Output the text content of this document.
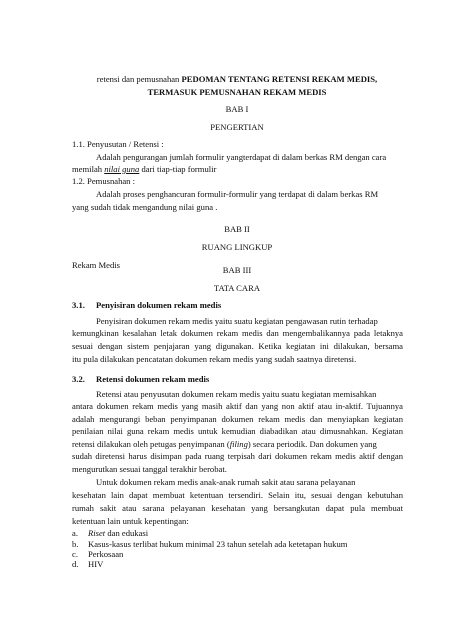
retensi dan pemusnahan PEDOMAN TENTANG RETENSI REKAM MEDIS,
TERMASUK PEMUSNAHAN REKAM MEDIS
BAB I
PENGERTIAN
1.1. Penyusutan / Retensi :
Adalah pengurangan jumlah formulir yangterdapat di dalam berkas RM dengan cara
memilah nilai guna dari tiap-tiap formulir
1.2. Pemusnahan :
Adalah proses penghancuran formulir-formulir yang terdapat di dalam berkas RM
yang sudah tidak mengandung nilai guna .
BAB II
RUANG LINGKUP
Rekam Medis	BAB III
TATA CARA
3.1. Penyisiran dokumen rekam medis
Penyisiran dokumen rekam medis yaitu suatu kegiatan pengawasan rutin terhadap
kemungkinan kesalahan letak dokumen rekam medis dan mengembalikannya pada letaknya
sesuai dengan sistem penjajaran yang digunakan. Ketika kegiatan ini dilakukan, bersama
itu pula dilakukan pencatatan dokumen rekam medis yang sudah saatnya diretensi.
3.2. Retensi dokumen rekam medis
Retensi atau penyusutan dokumen rekam medis yaitu suatu kegiatan memisahkan
antara dokumen rekam medis yang masih aktif dan yang non aktif atau in-aktif. Tujuannya
adalah mengurangi beban penyimpanan dokumen rekam medis dan menyiapkan kegiatan
penilaian nilai guna rekam medis untuk kemudian diabadikan atau dimusnahkan. Kegiatan
retensi dilakukan oleh petugas penyimpanan (filing) secara periodik. Dan dokumen yang
sudah diretensi harus disimpan pada ruang terpisah dari dokumen rekam medis aktif dengan
mengurutkan sesuai tanggal terakhir berobat.
Untuk dokumen rekam medis anak-anak rumah sakit atau sarana pelayanan
kesehatan lain dapat membuat ketentuan tersendiri. Selain itu, sesuai dengan kebutuhan
rumah sakit atau sarana pelayanan kesehatan yang bersangkutan dapat pula membuat
ketentuan lain untuk kepentingan:
a. Riset dan edukasi
b. Kasus-kasus terlibat hukum minimal 23 tahun setelah ada ketetapan hukum
c. Perkosaan
d. HIV
